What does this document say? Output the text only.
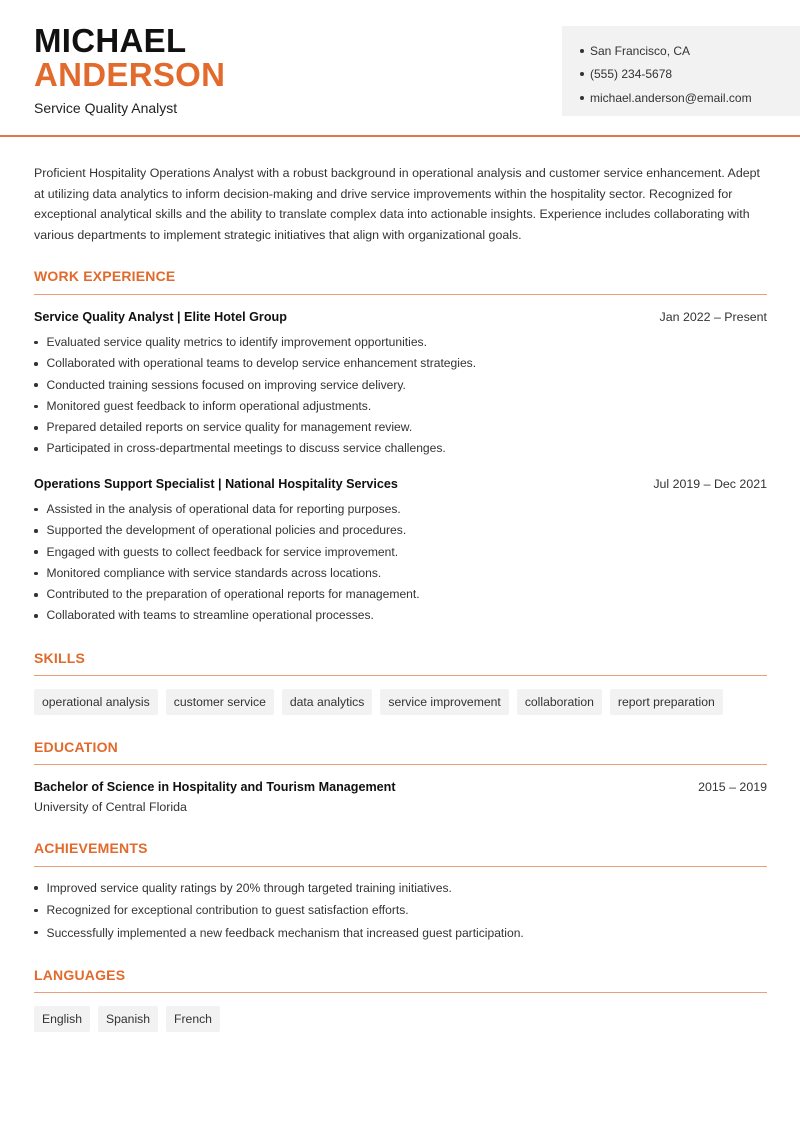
MICHAEL
ANDERSON
Service Quality Analyst
San Francisco, CA
(555) 234-5678
michael.anderson@email.com

Proficient Hospitality Operations Analyst with a robust background in operational analysis and customer service enhancement. Adept at utilizing data analytics to inform decision-making and drive service improvements within the hospitality sector. Recognized for exceptional analytical skills and the ability to translate complex data into actionable insights. Experience includes collaborating with various departments to implement strategic initiatives that align with organizational goals.

WORK EXPERIENCE
Service Quality Analyst | Elite Hotel Group	Jan 2022 – Present
Evaluated service quality metrics to identify improvement opportunities.
Collaborated with operational teams to develop service enhancement strategies.
Conducted training sessions focused on improving service delivery.
Monitored guest feedback to inform operational adjustments.
Prepared detailed reports on service quality for management review.
Participated in cross-departmental meetings to discuss service challenges.
Operations Support Specialist | National Hospitality Services	Jul 2019 – Dec 2021
Assisted in the analysis of operational data for reporting purposes.
Supported the development of operational policies and procedures.
Engaged with guests to collect feedback for service improvement.
Monitored compliance with service standards across locations.
Contributed to the preparation of operational reports for management.
Collaborated with teams to streamline operational processes.
SKILLS
operational analysis	customer service	data analytics	service improvement	collaboration	report preparation
EDUCATION
Bachelor of Science in Hospitality and Tourism Management	2015 – 2019
University of Central Florida
ACHIEVEMENTS
Improved service quality ratings by 20% through targeted training initiatives.
Recognized for exceptional contribution to guest satisfaction efforts.
Successfully implemented a new feedback mechanism that increased guest participation.
LANGUAGES
English	Spanish	French
